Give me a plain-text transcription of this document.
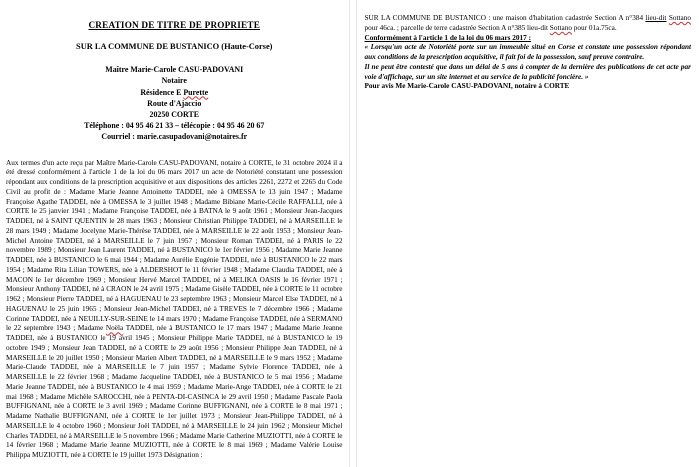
CREATION DE TITRE DE PROPRIETE
SUR LA COMMUNE DE BUSTANICO (Haute-Corse)
Maître Marie-Carole CASU-PADOVANI
Notaire
Résidence E Purette
Route d'Ajaccio
20250 CORTE
Téléphone : 04 95 46 21 33 – télécopie : 04 95 46 20 67
Courriel : marie.casupadovani@notaires.fr

Aux termes d'un acte reçu par Maître Marie-Carole CASU-PADOVANI, notaire à CORTE, le 31 octobre 2024 il a été dressé conformément à l'article 1 de la loi du 06 mars 2017 un acte de Notoriété constatant une possession répondant aux conditions de la prescription acquisitive et aux dispositions des articles 2261, 2272 et 2265 du Code Civil au profit de : Madame Marie Jeanne Antoinette TADDEI, née à OMESSA le 13 juin 1947 ; Madame Françoise Agathe TADDEI, née à OMESSA le 3 juillet 1948 ; Madame Bibiane Marie-Cécile RAFFALLI, née à CORTE le 25 janvier 1941 ; Madame Françoise TADDEI, née à BATNA le 9 août 1961 ; Monsieur Jean-Jacques TADDEI, né à SAINT QUENTIN le 28 mars 1963 ; Monsieur Christian Philippe TADDEI, né à MARSEILLE le 28 mars 1949 ; Madame Jocelyne Marie-Thérèse TADDEI, née à MARSEILLE le 22 août 1953 ; Monsieur Jean-Michel Antoine TADDEI, né à MARSEILLE le 7 juin 1957 ; Monsieur Roman TADDEI, né à PARIS le 22 novembre 1989 ; Monsieur Jean Laurent TADDEI, né à BUSTANICO le 1er février 1956 ; Madame Marie Jeanne TADDEI, née à BUSTANICO le 6 mai 1944 ; Madame Aurélie Eugénie TADDEI, née à BUSTANICO le 22 mars 1954 ; Madame Rita Lilian TOWERS, née à ALDERSHOT le 11 février 1948 ; Madame Claudia TADDEI, née à MACON le 1er décembre 1969 ; Monsieur Hervé Marcel TADDEI, né à MELIKA OASIS le 16 février 1971 ; Monsieur Anthony TADDEI, né à CRAON le 24 avril 1975 ; Madame Gisèle TADDEI, née à CORTE le 11 octobre 1962 ; Monsieur Pierre TADDEI, né à HAGUENAU le 23 septembre 1963 ; Monsieur Marcel Else TADDEI, né à HAGUENAU le 25 juin 1965 ; Monsieur Jean-Michel TADDEI, né à TREVES le 7 décembre 1966 ; Madame Corinne TADDEI, née à NEUILLY-SUR-SEINE le 14 mars 1970 ; Madame Françoise TADDEI, née à SERMANO le 22 septembre 1943 ; Madame Noëla TADDEI, née à BUSTANICO le 17 mars 1947 ; Madame Marie Jeanne TADDEI, née à BUSTANICO le 19 avril 1945 ; Monsieur Philippe Marie TADDEI, né à BUSTANICO le 19 octobre 1949 ; Monsieur Jean TADDEI, né à CORTE le 29 août 1956 ; Monsieur Philippe Jean TADDEI, né à MARSEILLE le 20 juillet 1950 ; Monsieur Marien Albert TADDEI, né à MARSEILLE le 9 mars 1952 ; Madame Marie-Claude TADDEI, née à MARSEILLE le 7 juin 1957 ; Madame Sylvie Florence TADDEI, née à MARSEILLE le 22 février 1968 ; Madame Jacqueline TADDEI, née à BUSTANICO le 5 mai 1956 ; Madame Marie Jeanne TADDEI, née à BUSTANICO le 4 mai 1959 ; Madame Marie-Ange TADDEI, née à CORTE le 21 mai 1968 ; Madame Michèle SAROCCHI, née à PENTA-DI-CASINCA le 29 avril 1950 ; Madame Pascale Paola BUFFIGNANI, née à CORTE le 3 avril 1969 ; Madame Corinne BUFFIGNANI, née à CORTE le 8 mai 1971 ; Madame Nathalie BUFFIGNANI, née à CORTE le 1er juillet 1973 ; Monsieur Jean-Philippe TADDEI, né à MARSEILLE le 4 octobre 1960 ; Monsieur Joël TADDEI, né à MARSEILLE le 24 juin 1962 ; Monsieur Michel Charles TADDEI, né à MARSEILLE le 5 novembre 1966 ; Madame Marie Catherine MUZIOTTI, née à CORTE le 14 février 1968 ; Madame Marie Jeanne MUZIOTTI, née à CORTE le 8 mai 1969 ; Madame Valérie Louise Philippa MUZIOTTI, née à CORTE le 19 juillet 1973 Désignation :

SUR LA COMMUNE DE BUSTANICO : une maison d'habitation cadastrée Section A n°384 lieu-dit Sottano pour 46ca. ; parcelle de terre cadastrée Section A n°385 lieu-dit Sottano pour 01a.75ca.

Conformément à l'article 1 de la loi du 06 mars 2017 :

« Lorsqu'un acte de Notoriété porte sur un immeuble situé en Corse et constate une possession répondant aux conditions de la prescription acquisitive, il fait foi de la possession, sauf preuve contraire.

Il ne peut être contesté que dans un délai de 5 ans à compter de la dernière des publications de cet acte par voie d'affichage, sur un site internet et au service de la publicité foncière. »

Pour avis Me Marie-Carole CASU-PADOVANI, notaire à CORTE
